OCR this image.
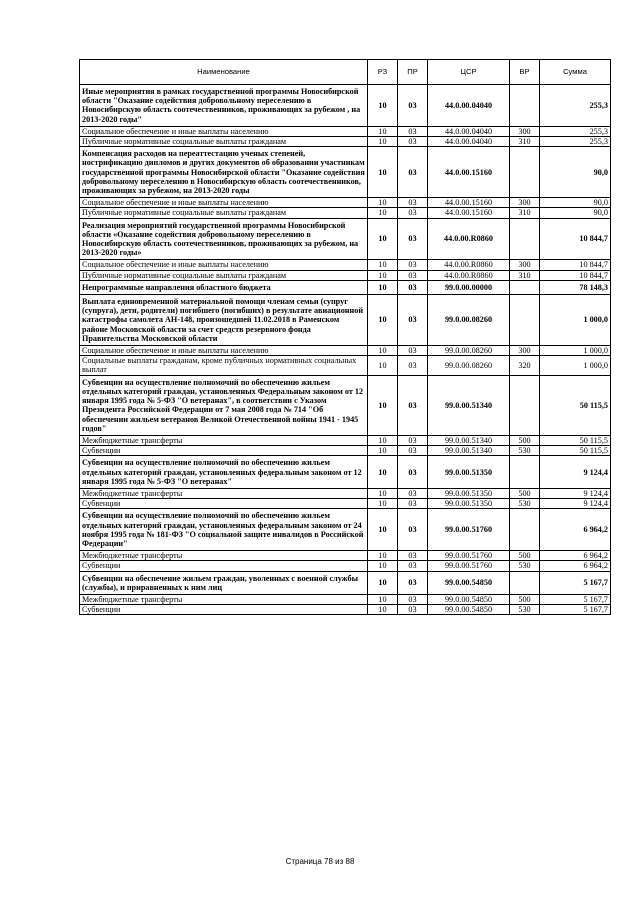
Наименование	РЗ	ПР	ЦСР	ВР	Сумма
Иные мероприятия в рамках государственной программы Новосибирской области "Оказание содействия добровольному переселению в Новосибирскую область соотечественников, проживающих за рубежом , на 2013-2020 годы"	10	03	44.0.00.04040		255,3
Социальное обеспечение и иные выплаты населению	10	03	44.0.00.04040	300	255,3
Публичные нормативные социальные выплаты гражданам	10	03	44.0.00.04040	310	255,3
Компенсация расходов на переаттестацию ученых степеней, нострификацию дипломов и других документов об образовании участникам государственной программы Новосибирской области "Оказание содействия добровольному переселению в Новосибирскую область соотечественников, проживающих за рубежом, на 2013-2020 годы	10	03	44.0.00.15160		90,0
Социальное обеспечение и иные выплаты населению	10	03	44.0.00.15160	300	90,0
Публичные нормативные социальные выплаты гражданам	10	03	44.0.00.15160	310	90,0
Реализация мероприятий государственной программы Новосибирской области «Оказание содействия добровольному переселению в Новосибирскую область соотечественников, проживающих за рубежом, на 2013-2020 годы»	10	03	44.0.00.R0860		10 844,7
Социальное обеспечение и иные выплаты населению	10	03	44.0.00.R0860	300	10 844,7
Публичные нормативные социальные выплаты гражданам	10	03	44.0.00.R0860	310	10 844,7
Непрограммные направления областного бюджета	10	03	99.0.00.00000		78 148,3
Выплата единовременной материальной помощи членам семьи (супруг (супруга), дети, родители) погибшего (погибших) в результате авиационной катастрофы самолета АН-148, произошедшей 11.02.2018 в Раменском районе Московской области за счет средств резервного фонда Правительства Московской области	10	03	99.0.00.08260		1 000,0
Социальное обеспечение и иные выплаты населению	10	03	99.0.00.08260	300	1 000,0
Социальные выплаты гражданам, кроме публичных нормативных социальных выплат	10	03	99.0.00.08260	320	1 000,0
Субвенции на осуществление полномочий по обеспечению жильем отдельных категорий граждан, установленных Федеральным законом от 12 января 1995 года № 5-ФЗ "О ветеранах", в соответствии с Указом Президента Российской Федерации от 7 мая 2008 года № 714 "Об обеспечении жильем ветеранов Великой Отечественной войны 1941 - 1945 годов"	10	03	99.0.00.51340		50 115,5
Межбюджетные трансферты	10	03	99.0.00.51340	500	50 115,5
Субвенции	10	03	99.0.00.51340	530	50 115,5
Субвенции на осуществление полномочий по обеспечению жильем отдельных категорий граждан, установленных федеральным законом от 12 января 1995 года № 5-ФЗ "О ветеранах"	10	03	99.0.00.51350		9 124,4
Межбюджетные трансферты	10	03	99.0.00.51350	500	9 124,4
Субвенции	10	03	99.0.00.51350	530	9 124,4
Субвенции на осуществление полномочий по обеспечению жильем отдельных категорий граждан, установленных федеральным законом от 24 ноября 1995 года № 181-ФЗ "О социальной защите инвалидов в Российской Федерации"	10	03	99.0.00.51760		6 964,2
Межбюджетные трансферты	10	03	99.0.00.51760	500	6 964,2
Субвенции	10	03	99.0.00.51760	530	6 964,2
Субвенции на обеспечение жильем граждан, уволенных с военной службы (службы), и приравненных к ним лиц	10	03	99.0.00.54850		5 167,7
Межбюджетные трансферты	10	03	99.0.00.54850	500	5 167,7
Субвенции	10	03	99.0.00.54850	530	5 167,7
Страница 78 из 88
